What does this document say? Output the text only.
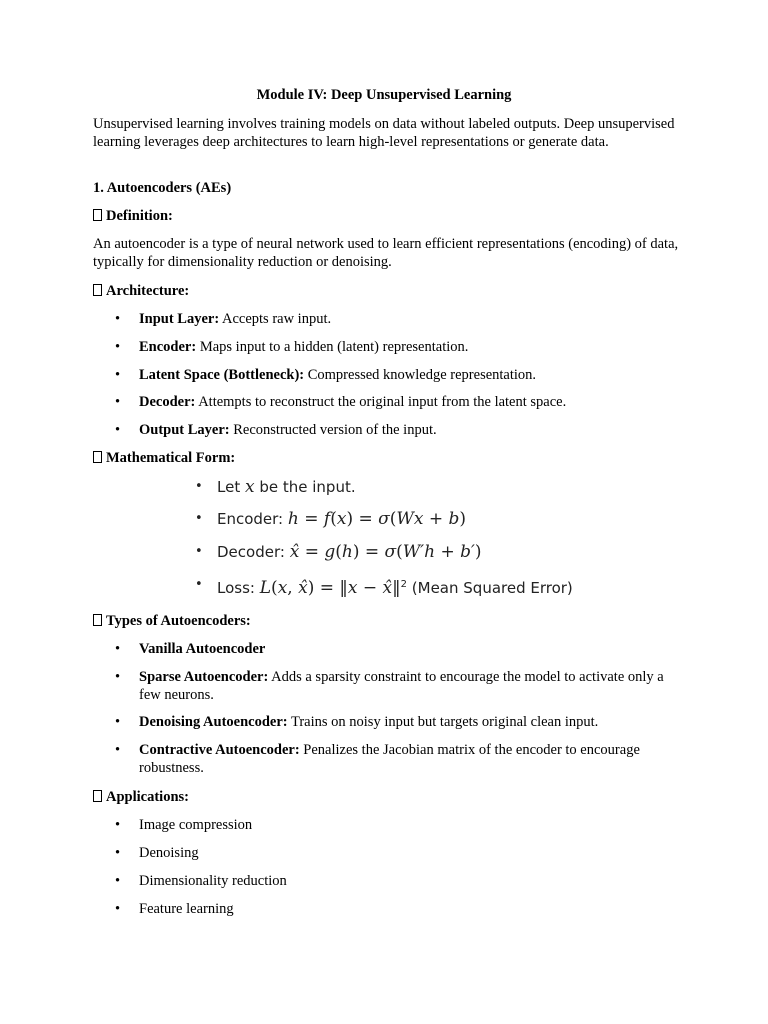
Module IV: Deep Unsupervised Learning
Unsupervised learning involves training models on data without labeled outputs. Deep unsupervised learning leverages deep architectures to learn high-level representations or generate data.
1. Autoencoders (AEs)
Definition:
An autoencoder is a type of neural network used to learn efficient representations (encoding) of data, typically for dimensionality reduction or denoising.
Architecture:
• Input Layer: Accepts raw input.
• Encoder: Maps input to a hidden (latent) representation.
• Latent Space (Bottleneck): Compressed knowledge representation.
• Decoder: Attempts to reconstruct the original input from the latent space.
• Output Layer: Reconstructed version of the input.
Mathematical Form:
• Let x be the input.
• Encoder: h = f(x) = σ(Wx + b)
• Decoder: x̂ = g(h) = σ(W′h + b′)
• Loss: L(x, x̂) = ‖x − x̂‖$^2$ (Mean Squared Error)
Types of Autoencoders:
• Vanilla Autoencoder
• Sparse Autoencoder: Adds a sparsity constraint to encourage the model to activate only a few neurons.
• Denoising Autoencoder: Trains on noisy input but targets original clean input.
• Contractive Autoencoder: Penalizes the Jacobian matrix of the encoder to encourage robustness.
Applications:
• Image compression
• Denoising
• Dimensionality reduction
• Feature learning
